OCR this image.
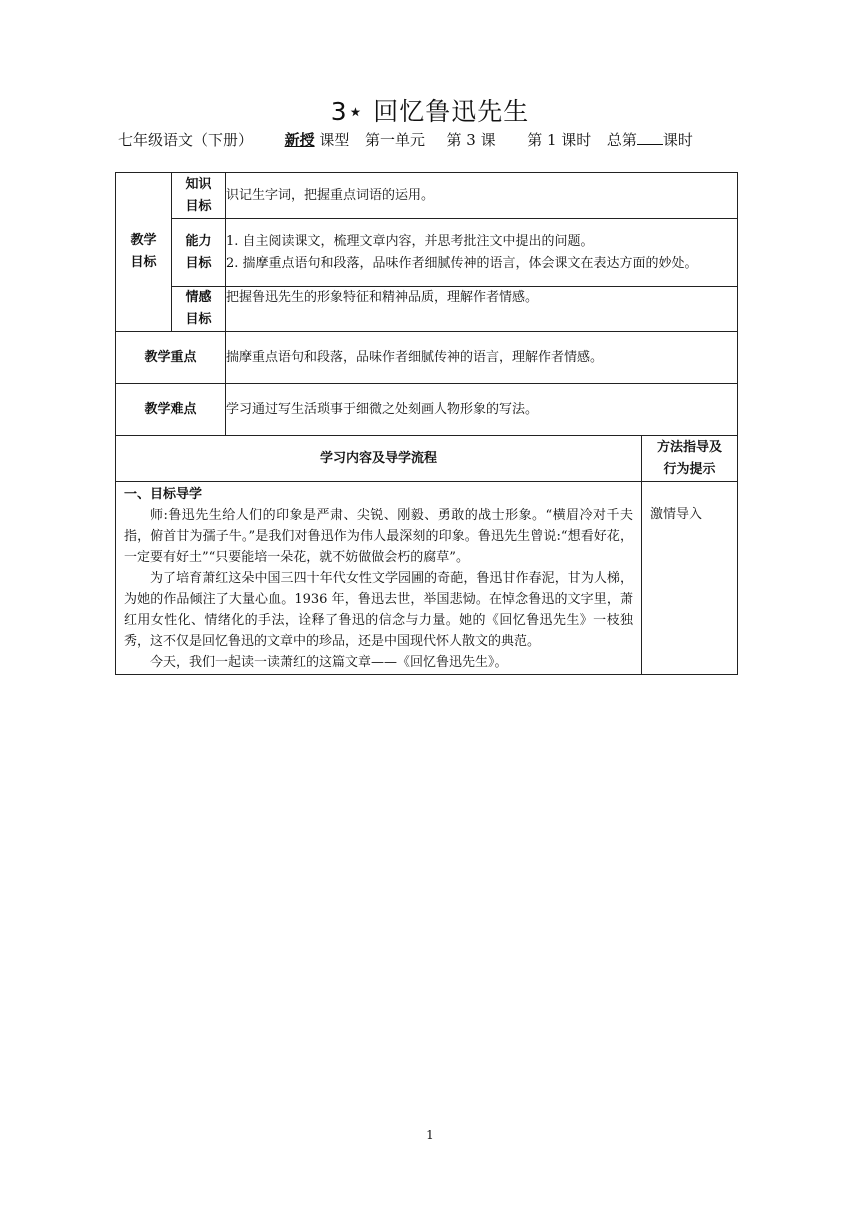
3⋆ 回忆鲁迅先生
七年级语文（下册） 新授 课型 第一单元 第 3 课 第 1 课时 总第 课时
教学目标	知识目标	识记生字词，把握重点词语的运用。	

	能力目标	1. 自主阅读课文，梳理文章内容，并思考批注文中提出的问题。
2. 揣摩重点语句和段落，品味作者细腻传神的语言，体会课文在表达方面的妙处。	

	情感目标	把握鲁迅先生的形象特征和精神品质，理解作者情感。	
教学重点		揣摩重点语句和段落，品味作者细腻传神的语言，理解作者情感。	
教学难点		学习通过写生活琐事于细微之处刻画人物形象的写法。	
学习内容及导学流程			方法指导及行为提示

一、目标导学

师:鲁迅先生给人们的印象是严肃、尖锐、刚毅、勇敢的战士形象。“横眉冷对千夫指，俯首甘为孺子牛。”是我们对鲁迅作为伟人最深刻的印象。鲁迅先生曾说:“想看好花，一定要有好土”“只要能培一朵花，就不妨做做会朽的腐草”。

为了培育萧红这朵中国三四十年代女性文学园圃的奇葩，鲁迅甘作春泥，甘为人梯，为她的作品倾注了大量心血。1936 年，鲁迅去世，举国悲恸。在悼念鲁迅的文字里，萧红用女性化、情绪化的手法，诠释了鲁迅的信念与力量。她的《回忆鲁迅先生》一枝独秀，这不仅是回忆鲁迅的文章中的珍品，还是中国现代怀人散文的典范。

今天，我们一起读一读萧红的这篇文章——《回忆鲁迅先生》。			激情导入
1
